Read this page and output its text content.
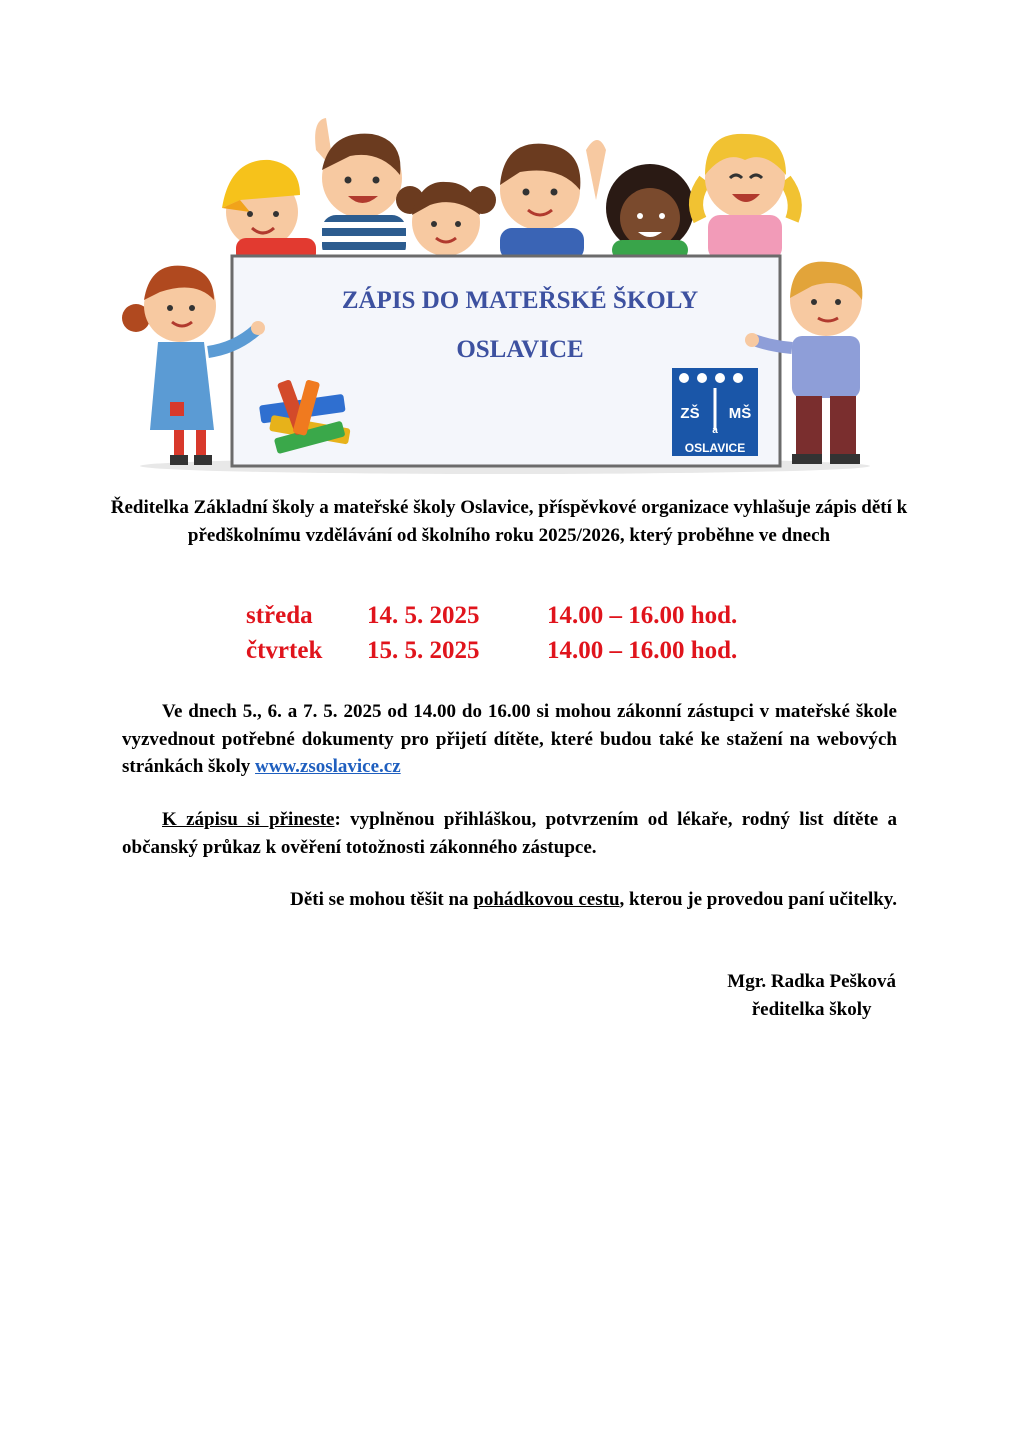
ZÁPIS DO MATEŘSKÉ ŠKOLY
OSLAVICE
ZŠ MŠ
a
OSLAVICE

Ředitelka Základní školy a mateřské školy Oslavice, příspěvkové organizace vyhlašuje zápis dětí k předškolnímu vzdělávání od školního roku 2025/2026, který proběhne ve dnech

středa 14. 5. 2025	14.00 – 16.00 hod.
čtvrtek 15. 5. 2025	14.00 – 16.00 hod.

Ve dnech 5., 6. a 7. 5. 2025 od 14.00 do 16.00 si mohou zákonní zástupci v mateřské škole vyzvednout potřebné dokumenty pro přijetí dítěte, které budou také ke stažení na webových stránkách školy www.zsoslavice.cz

K zápisu si přineste: vyplněnou přihláškou, potvrzením od lékaře, rodný list dítěte a občanský průkaz k ověření totožnosti zákonného zástupce.

Děti se mohou těšit na pohádkovou cestu, kterou je provedou paní učitelky.

Mgr. Radka Pešková
ředitelka školy
